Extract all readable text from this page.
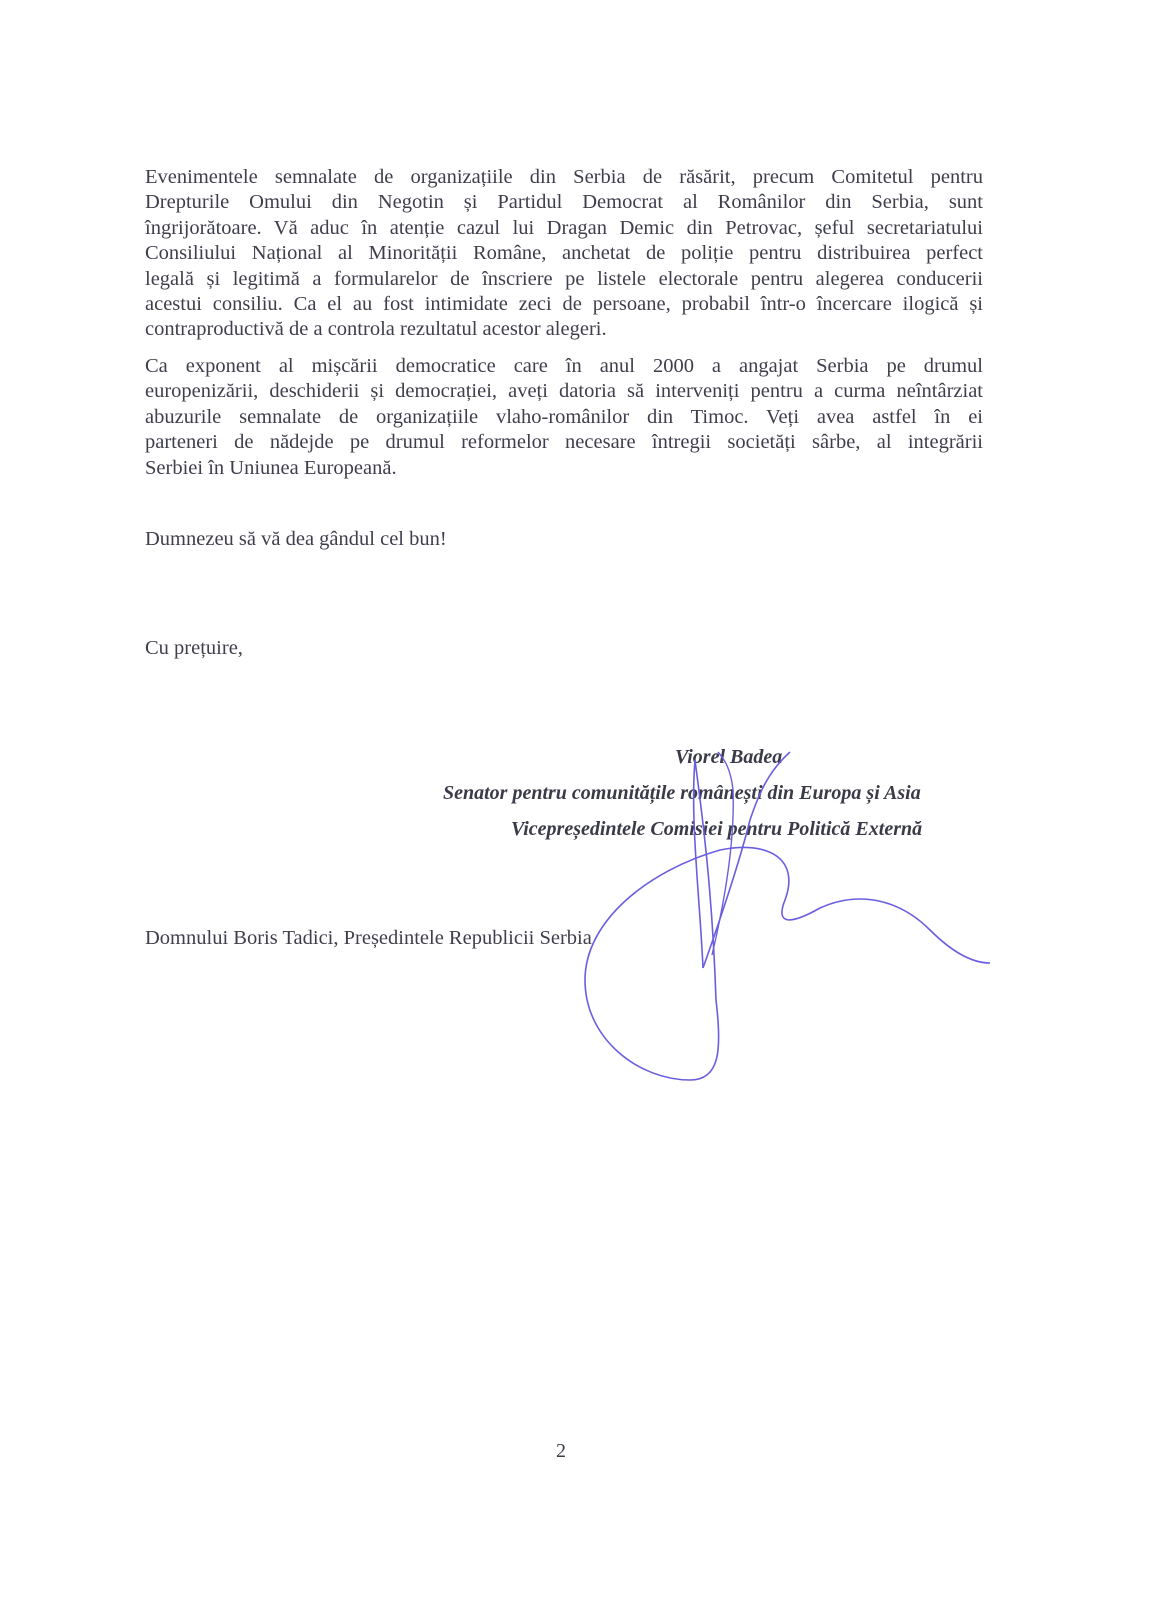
Evenimentele semnalate de organizațiile din Serbia de răsărit, precum Comitetul pentru
Drepturile Omului din Negotin și Partidul Democrat al Românilor din Serbia, sunt
îngrijorătoare. Vă aduc în atenție cazul lui Dragan Demic din Petrovac, șeful secretariatului
Consiliului Național al Minorității Române, anchetat de poliție pentru distribuirea perfect
legală și legitimă a formularelor de înscriere pe listele electorale pentru alegerea conducerii
acestui consiliu. Ca el au fost intimidate zeci de persoane, probabil într-o încercare ilogică și
contraproductivă de a controla rezultatul acestor alegeri.
Ca exponent al mișcării democratice care în anul 2000 a angajat Serbia pe drumul
europenizării, deschiderii și democrației, aveți datoria să interveniți pentru a curma neîntârziat
abuzurile semnalate de organizațiile vlaho-românilor din Timoc. Veți avea astfel în ei
parteneri de nădejde pe drumul reformelor necesare întregii societăți sârbe, al integrării
Serbiei în Uniunea Europeană.
Dumnezeu să vă dea gândul cel bun!
Cu prețuire,
Viorel Badea
Senator pentru comunitățile românești din Europa și Asia
Vicepreședintele Comisiei pentru Politică Externă
Domnului Boris Tadici, Președintele Republicii Serbia
2
